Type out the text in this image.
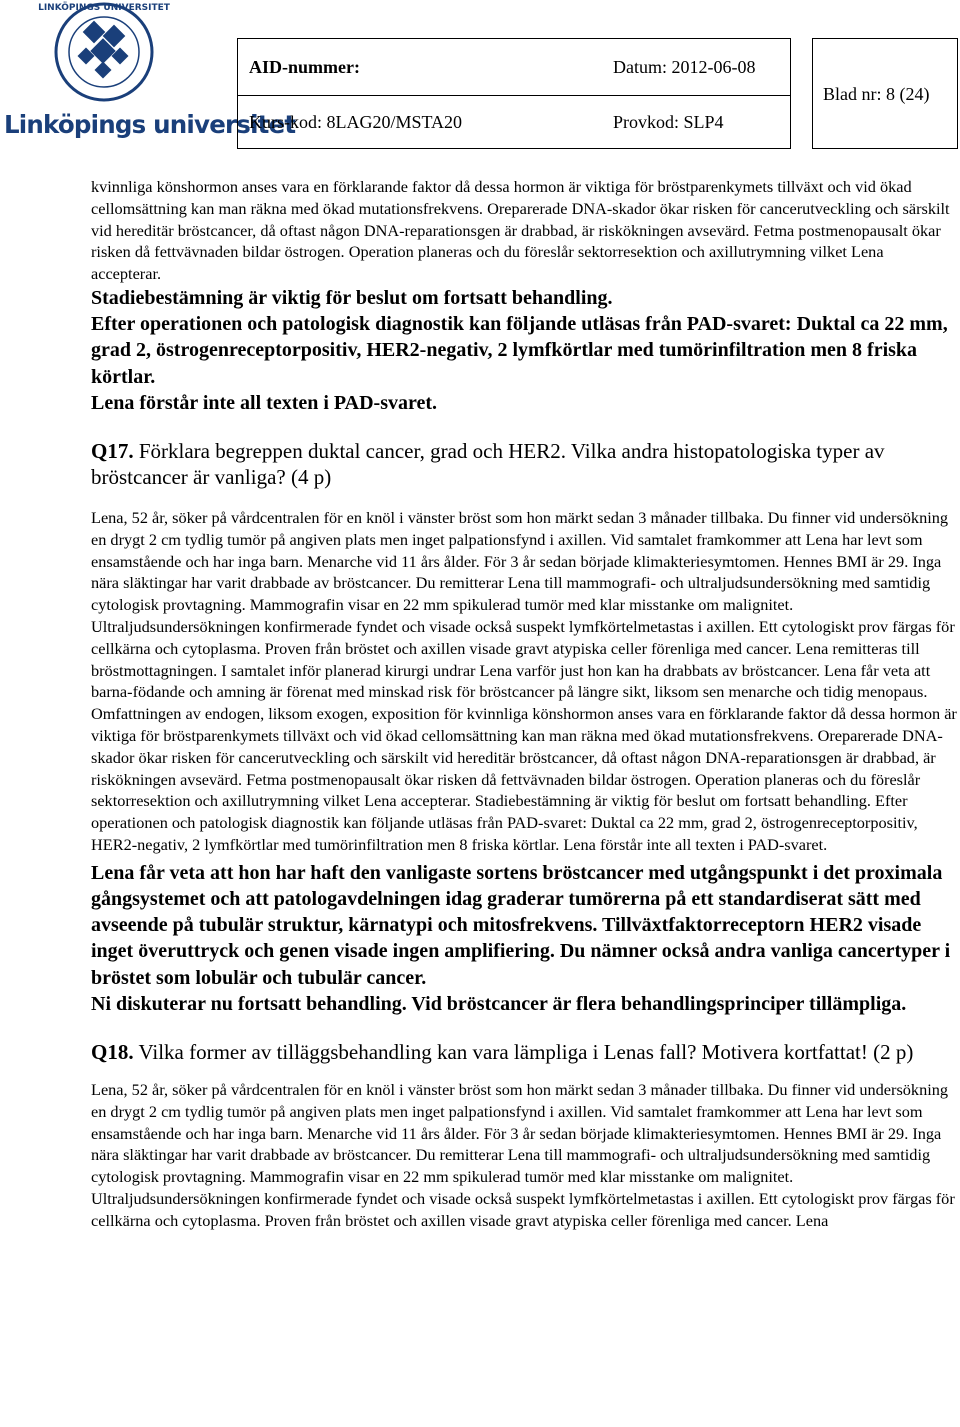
LINKÖPINGS UNIVERSITET
Linköpings universitet
AID-nummer:	Datum: 2012-06-08
Kurs-kod: 8LAG20/MSTA20	Provkod: SLP4
Blad nr: 8 (24)

kvinnliga könshormon anses vara en förklarande faktor då dessa hormon är viktiga för bröstparenkymets tillväxt och vid ökad cellomsättning kan man räkna med ökad mutationsfrekvens. Oreparerade DNA-skador ökar risken för cancerutveckling och särskilt vid hereditär bröstcancer, då oftast någon DNA-reparationsgen är drabbad, är riskökningen avsevärd. Fetma postmenopausalt ökar risken då fettvävnaden bildar östrogen. Operation planeras och du föreslår sektorresektion och axillutrymning vilket Lena accepterar.

Stadiebestämning är viktig för beslut om fortsatt behandling.

Efter operationen och patologisk diagnostik kan följande utläsas från PAD-svaret: Duktal ca 22 mm, grad 2, östrogenreceptorpositiv, HER2-negativ, 2 lymfkörtlar med tumörinfiltration men 8 friska körtlar.

Lena förstår inte all texten i PAD-svaret.

Q17. Förklara begreppen duktal cancer, grad och HER2. Vilka andra histopatologiska typer av bröstcancer är vanliga? (4 p)

Lena, 52 år, söker på vårdcentralen för en knöl i vänster bröst som hon märkt sedan 3 månader tillbaka. Du finner vid undersökning en drygt 2 cm tydlig tumör på angiven plats men inget palpationsfynd i axillen. Vid samtalet framkommer att Lena har levt som ensamstående och har inga barn. Menarche vid 11 års ålder. För 3 år sedan började klimakteriesymtomen. Hennes BMI är 29. Inga nära släktingar har varit drabbade av bröstcancer. Du remitterar Lena till mammografi- och ultraljudsundersökning med samtidig cytologisk provtagning. Mammografin visar en 22 mm spikulerad tumör med klar misstanke om malignitet. Ultraljudsundersökningen konfirmerade fyndet och visade också suspekt lymfkörtelmetastas i axillen. Ett cytologiskt prov färgas för cellkärna och cytoplasma. Proven från bröstet och axillen visade gravt atypiska celler förenliga med cancer. Lena remitteras till bröstmottagningen. I samtalet inför planerad kirurgi undrar Lena varför just hon kan ha drabbats av bröstcancer. Lena får veta att barna-födande och amning är förenat med minskad risk för bröstcancer på längre sikt, liksom sen menarche och tidig menopaus. Omfattningen av endogen, liksom exogen, exposition för kvinnliga könshormon anses vara en förklarande faktor då dessa hormon är viktiga för bröstparenkymets tillväxt och vid ökad cellomsättning kan man räkna med ökad mutationsfrekvens. Oreparerade DNA-skador ökar risken för cancerutveckling och särskilt vid hereditär bröstcancer, då oftast någon DNA-reparationsgen är drabbad, är riskökningen avsevärd. Fetma postmenopausalt ökar risken då fettvävnaden bildar östrogen. Operation planeras och du föreslår sektorresektion och axillutrymning vilket Lena accepterar. Stadiebestämning är viktig för beslut om fortsatt behandling. Efter operationen och patologisk diagnostik kan följande utläsas från PAD-svaret: Duktal ca 22 mm, grad 2, östrogenreceptorpositiv, HER2-negativ, 2 lymfkörtlar med tumörinfiltration men 8 friska körtlar. Lena förstår inte all texten i PAD-svaret.

Lena får veta att hon har haft den vanligaste sortens bröstcancer med utgångspunkt i det proximala gångsystemet och att patologavdelningen idag graderar tumörerna på ett standardiserat sätt med avseende på tubulär struktur, kärnatypi och mitosfrekvens. Tillväxtfaktorreceptorn HER2 visade inget överuttryck och genen visade ingen amplifiering. Du nämner också andra vanliga cancertyper i bröstet som lobulär och tubulär cancer.

Ni diskuterar nu fortsatt behandling. Vid bröstcancer är flera behandlingsprinciper tillämpliga.

Q18. Vilka former av tilläggsbehandling kan vara lämpliga i Lenas fall? Motivera kortfattat! (2 p)

Lena, 52 år, söker på vårdcentralen för en knöl i vänster bröst som hon märkt sedan 3 månader tillbaka. Du finner vid undersökning en drygt 2 cm tydlig tumör på angiven plats men inget palpationsfynd i axillen. Vid samtalet framkommer att Lena har levt som ensamstående och har inga barn. Menarche vid 11 års ålder. För 3 år sedan började klimakteriesymtomen. Hennes BMI är 29. Inga nära släktingar har varit drabbade av bröstcancer. Du remitterar Lena till mammografi- och ultraljudsundersökning med samtidig cytologisk provtagning. Mammografin visar en 22 mm spikulerad tumör med klar misstanke om malignitet. Ultraljudsundersökningen konfirmerade fyndet och visade också suspekt lymfkörtelmetastas i axillen. Ett cytologiskt prov färgas för cellkärna och cytoplasma. Proven från bröstet och axillen visade gravt atypiska celler förenliga med cancer. Lena
